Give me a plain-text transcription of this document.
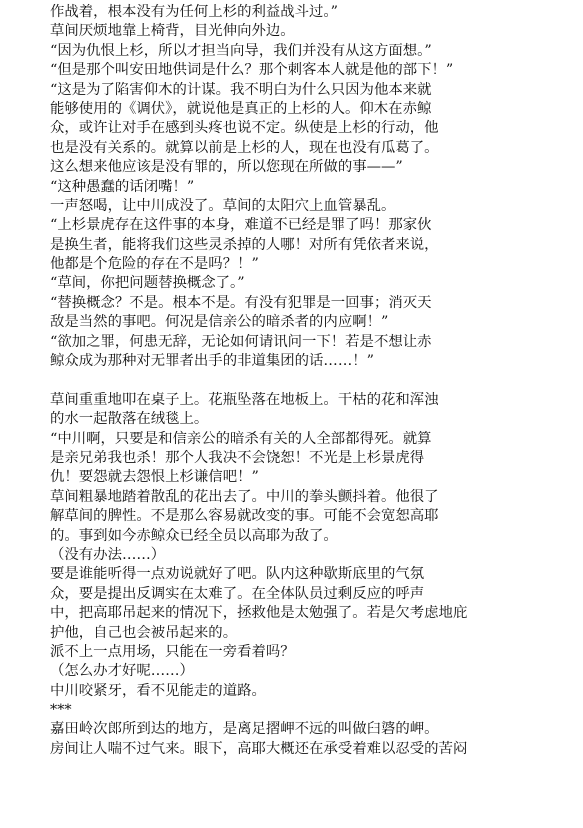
作战着，根本没有为任何上杉的利益战斗过。”
草间厌烦地靠上椅背，目光伸向外边。
“因为仇恨上杉，所以才担当向导，我们并没有从这方面想。”
“但是那个叫安田地供词是什么？那个刺客本人就是他的部下！”
“这是为了陷害仰木的计谋。我不明白为什么只因为他本来就
能够使用的《调伏》，就说他是真正的上杉的人。仰木在赤鲸
众，或许让对手在感到头疼也说不定。纵使是上杉的行动，他
也是没有关系的。就算以前是上杉的人，现在也没有瓜葛了。
这么想来他应该是没有罪的，所以您现在所做的事——”
“这种愚蠢的话闭嘴！”
一声怒喝，让中川成没了。草间的太阳穴上血管暴乱。
“上杉景虎存在这件事的本身，难道不已经是罪了吗！那家伙
是换生者，能将我们这些灵杀掉的人哪！对所有凭依者来说，
他都是个危险的存在不是吗？！”
“草间，你把问题替换概念了。”
“替换概念？不是。根本不是。有没有犯罪是一回事；消灭天
敌是当然的事吧。何况是信亲公的暗杀者的内应啊！”
“欲加之罪，何患无辞，无论如何请讯问一下！若是不想让赤
鲸众成为那种对无罪者出手的非道集团的话……！”
草间重重地叩在桌子上。花瓶坠落在地板上。干枯的花和浑浊
的水一起散落在绒毯上。
“中川啊，只要是和信亲公的暗杀有关的人全部都得死。就算
是亲兄弟我也杀！那个人我决不会饶恕！不光是上杉景虎得
仇！要怨就去怨恨上杉谦信吧！”
草间粗暴地踏着散乱的花出去了。中川的拳头颤抖着。他很了
解草间的脾性。不是那么容易就改变的事。可能不会宽恕高耶
的。事到如今赤鲸众已经全员以高耶为敌了。
（没有办法……）
要是谁能听得一点劝说就好了吧。队内这种歇斯底里的气氛
众，要是提出反调实在太难了。在全体队员过剩反应的呼声
中，把高耶吊起来的情况下，拯救他是太勉强了。若是欠考虑地庇
护他，自己也会被吊起来的。
派不上一点用场，只能在一旁看着吗？
（怎么办才好呢……）
中川咬紧牙，看不见能走的道路。
***
嘉田岭次郎所到达的地方，是离足摺岬不远的叫做臼碆的岬。
房间让人喘不过气来。眼下，高耶大概还在承受着难以忍受的苦闷
